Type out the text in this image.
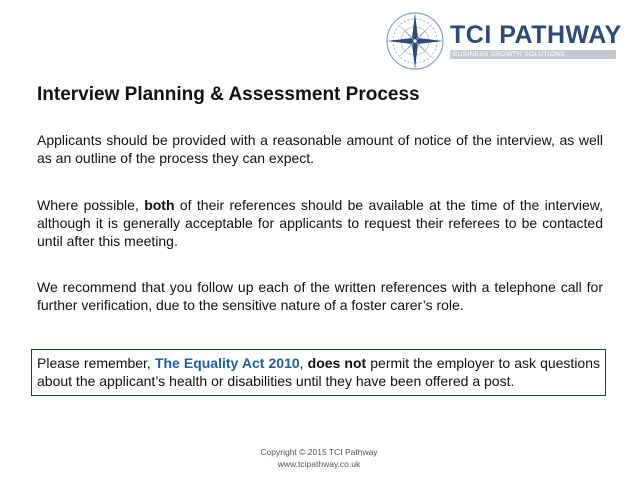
TCI PATHWAY
BUSINESS GROWTH SOLUTIONS
Interview Planning & Assessment Process

Applicants should be provided with a reasonable amount of notice of the interview, as well as an outline of the process they can expect.

Where possible, both of their references should be available at the time of the interview, although it is generally acceptable for applicants to request their referees to be contacted until after this meeting.

We recommend that you follow up each of the written references with a telephone call for further verification, due to the sensitive nature of a foster carer’s role.

Please remember, The Equality Act 2010, does not permit the employer to ask questions about the applicant’s health or disabilities until they have been offered a post.
Copyright © 2015 TCI Pathway
www.tcipathway.co.uk
